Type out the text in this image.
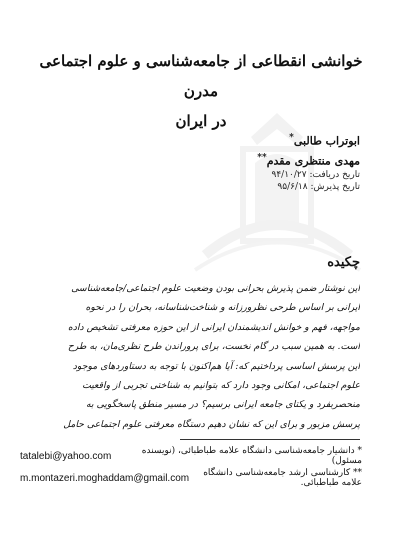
خوانشی انقطاعی از جامعه‌شناسی و علوم اجتماعی مدرن
در ایران
ابوتراب طالبی*
مهدی منتظری مقدم**
تاریخ دریافت: ۹۴/۱۰/۲۷
تاریخ پذیرش: ۹۵/۶/۱۸
چکیده
این نوشتار ضمن پذیرش بحرانی بودن وضعیت علوم اجتماعی/جامعه‌شناسی
ایرانی بر اساس طرحی نظرورزانه و شناخت‌شناسانه، بحران را در نحوه
مواجهه، فهم و خوانش اندیشمندان ایرانی از این حوزه معرفتی تشخیص داده
است. به همین سبب در گام نخست، برای پروراندن طرح نظری‌مان، به طرح
این پرسش اساسی پرداختیم که: آیا هم‌اکنون با توجه به دستاوردهای موجود
علوم اجتماعی، امکانی وجود دارد که بتوانیم به شناختی تجربی از واقعیت
منحصربفرد و یکتای جامعه ایرانی برسیم؟ در مسیر منطق پاسخگویی به
پرسش مزبور و برای این که نشان دهیم دستگاه معرفتی علوم اجتماعی حامل
tatalebi@yahoo.com	* دانشیار جامعه‌شناسی دانشگاه علامه طباطبائی، (نویسنده مسئول)
m.montazeri.moghaddam@gmail.com	** کارشناسی ارشد جامعه‌شناسی دانشگاه علامه طباطبائی.
